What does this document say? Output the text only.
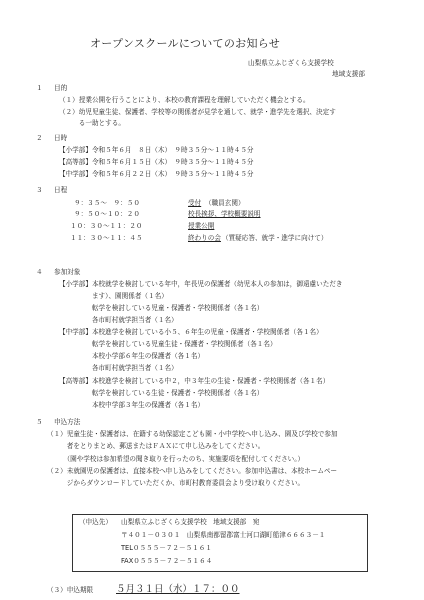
オープンスクールについてのお知らせ
山梨県立ふじざくら支援学校
地域支援部
１ 目的
（１）授業公開を行うことにより、本校の教育課程を理解していただく機会とする。
（２）幼児児童生徒、保護者、学校等の関係者が見学を通して、就学・進学先を選択、決定す
　　　る一助とする。
２ 日時
【小学部】令和５年６月　８日（木）　９時３５分～１１時４５分
【高等部】令和５年６月１５日（木）　９時３５分～１１時４５分
【中学部】令和５年６月２２日（木）　９時３５分～１１時４５分
３ 日程
９：３５～　９：５０	受付 （職員玄関）
９：５０～１０：２０	校長挨拶、学校概要説明
１０：３０～１１：２０	授業公開
１１：３０～１１：４５	終わりの会 （質疑応答、就学・進学に向けて）
４ 参加対象
【小学部】本校就学を検討している年中，年長児の保護者（幼児本人の参加は，御遠慮いただき
　　　　　ます）、園関係者（１名）
　　　　　転学を検討している児童・保護者・学校関係者（各１名）
　　　　　各市町村就学担当者（１名）
【中学部】本校進学を検討している小５、６年生の児童・保護者・学校関係者（各１名）
　　　　　転学を検討している児童生徒・保護者・学校関係者（各１名）
　　　　　本校小学部６年生の保護者（各１名）
　　　　　各市町村就学担当者（１名）
【高等部】本校進学を検討している中２，中３年生の生徒・保護者・学校関係者（各１名）
　　　　　転学を検討している生徒・保護者・学校関係者（各１名）
　　　　　本校中学部３年生の保護者（各１名）
５ 申込方法
（１）児童生徒・保護者は、在籍する幼保認定こども園・小中学校へ申し込み、園及び学校で参加
　　　者をとりまとめ、郵送またはＦＡＸにて申し込みをしてください。
　　　（園や学校は参加希望の聞き取りを行ったのち、実施要項を配付してください。）
（２）未就園児の保護者は、直接本校へ申し込みをしてください。参加申込書は、本校ホームペー
　　　ジからダウンロードしていただくか、市町村教育委員会より受け取りください。
（申込先） 山梨県立ふじざくら支援学校　地域支援部　宛
〒４０１－０３０１　山梨県南都留郡富士河口湖町船津６６６３－１
TEL０５５５－７２－５１６１
FAX０５５５－７２－５１６４
（３）申込期限 ５月３１日（水）１７：００
